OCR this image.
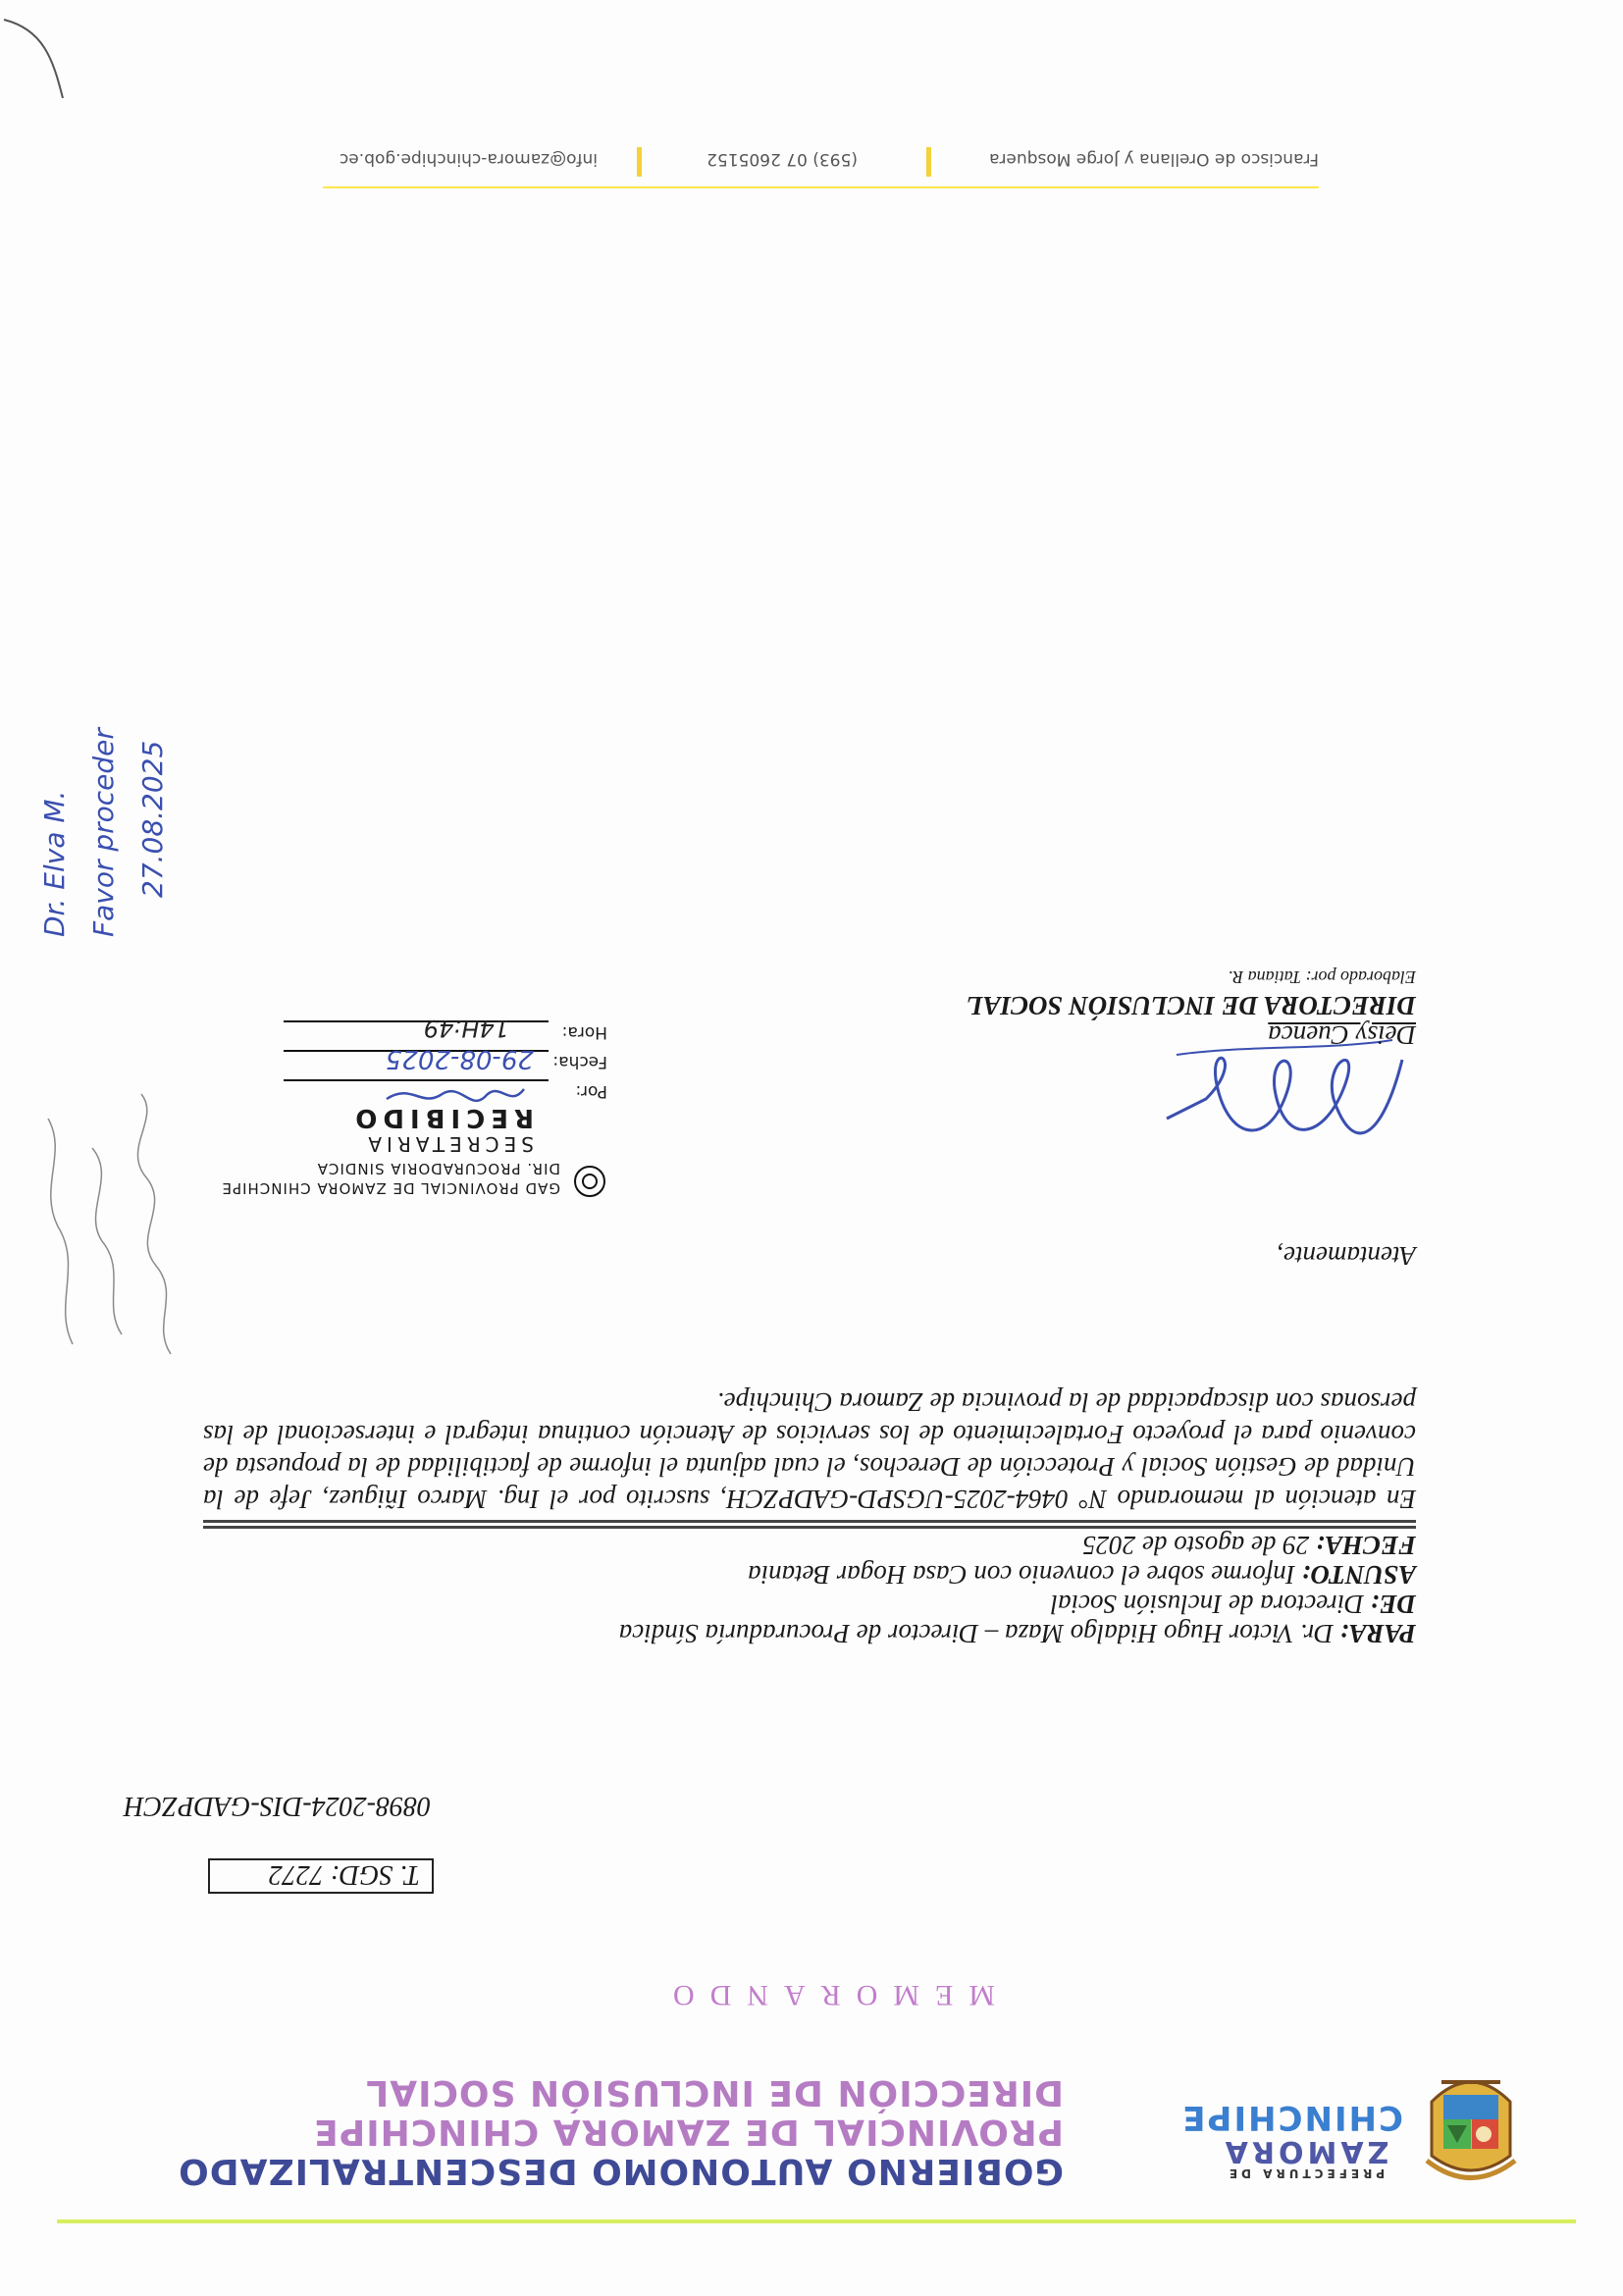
PREFECTURA DE
ZAMORA
CHINCHIPE
GOBIERNO AUTONOMO DESCENTRALIZADO
PROVINCIAL DE ZAMORA CHINCHIPE
DIRECCIÓN DE INCLUSIÓN SOCIAL
MEMORANDO
T. SGD: 7272
0898-2024-DIS-GADPZCH
PARA: Dr. Victor Hugo Hidalgo Maza – Director de Procuraduría Síndica
DE: Directora de Inclusión Social
ASUNTO: Informe sobre el convenio con Casa Hogar Betania
FECHA: 29 de agosto de 2025
En atención al memorando N° 0464-2025-UGSPD-GADPZCH, suscrito por el Ing. Marco Iñiguez, Jefe de la Unidad de Gestión Social y Protección de Derechos, el cual adjunta el informe de factibilidad de la propuesta de convenio para el proyecto Fortalecimiento de los servicios de Atención continua integral e intersecional de las personas con discapacidad de la provincia de Zamora Chinchipe.
Atentamente,
Deisy Cuenca
DIRECTORA DE INCLUSIÓN SOCIAL
Elaborado por: Tatiana R.
GAD PROVINCIAL DE ZAMORA CHINCHIPE
DIR. PROCURADORIA SINDICA
SECRETARIA
RECIBIDO
Por:
Fecha:
Hora:
29-08-2025
14H:49
Dr. Elva M. Favor proceder 27.08.2025
Francisco de Orellana y Jorge Mosquera
(593) 07 2605152
info@zamora-chinchipe.gob.ec
